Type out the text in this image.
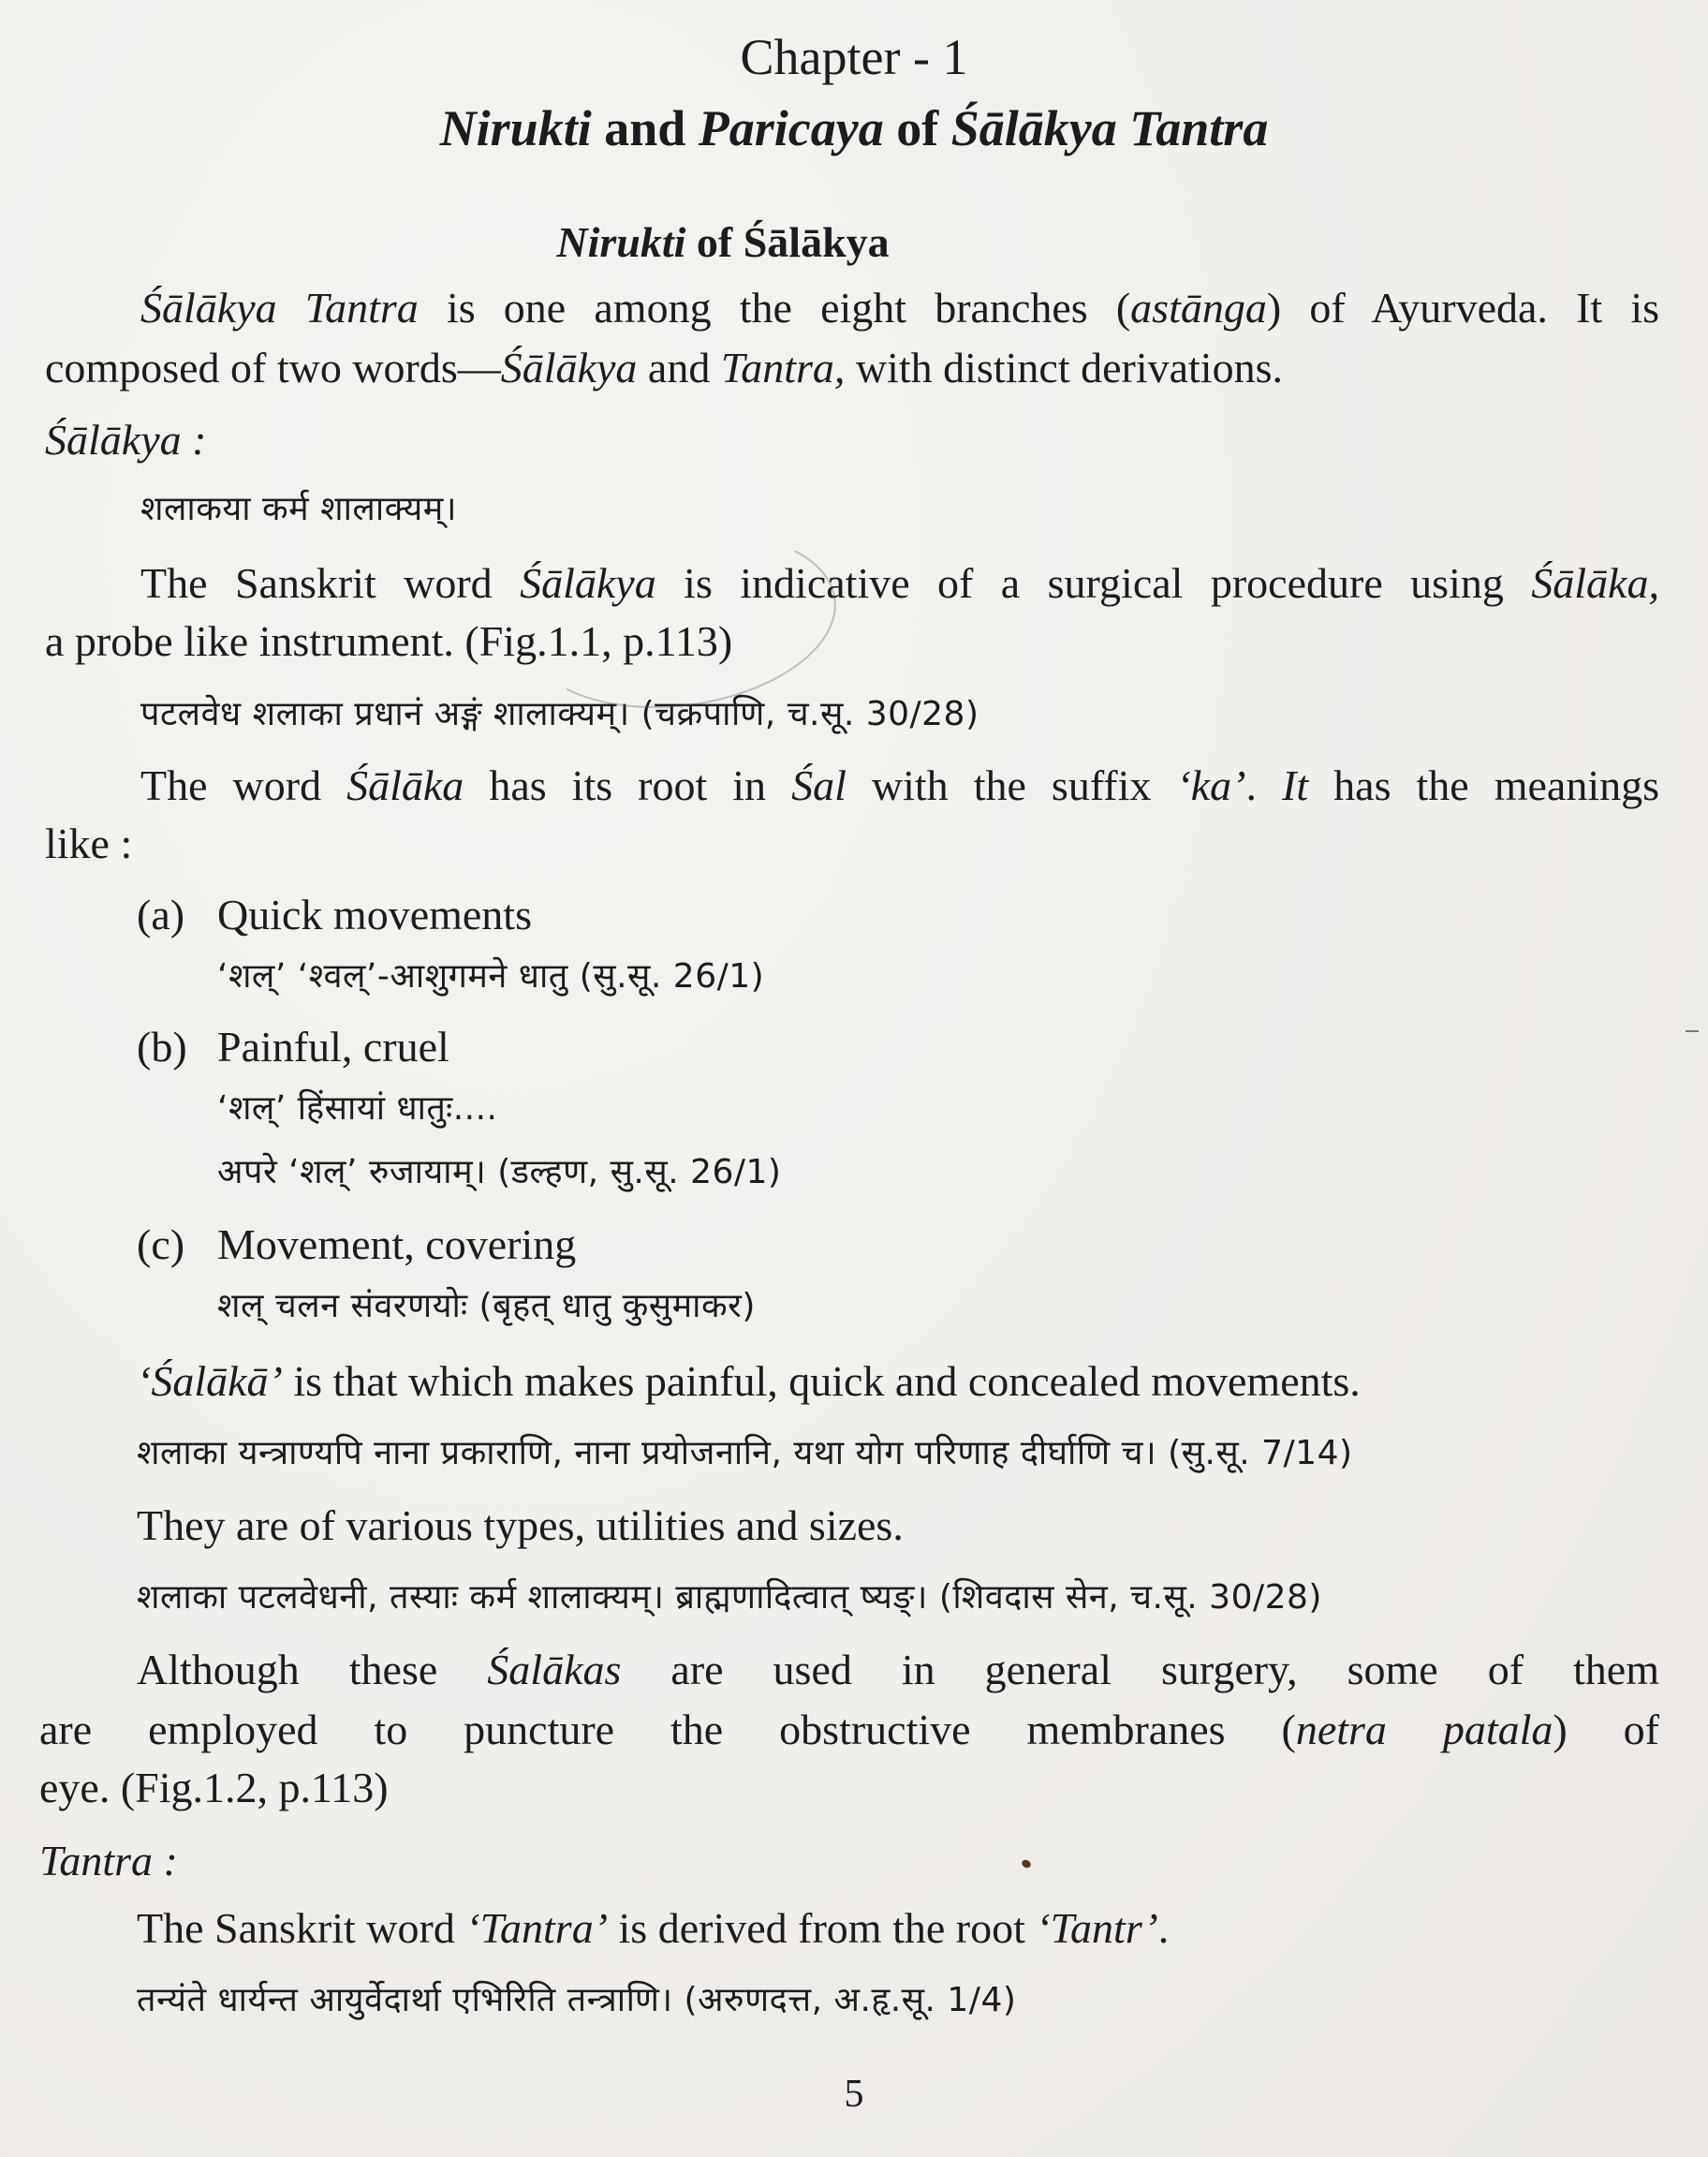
Chapter - 1
Nirukti and Paricaya of Śālākya Tantra
Nirukti of Śālākya
Śālākya Tantra is one among the eight branches (astānga) of Ayurveda. It is
composed of two words—Śālākya and Tantra, with distinct derivations.
Śālākya :
शलाकया कर्म शालाक्यम्।
The Sanskrit word Śālākya is indicative of a surgical procedure using Śālāka,
a probe like instrument. (Fig.1.1, p.113)
पटलवेध शलाका प्रधानं अङ्गं शालाक्यम्। (चक्रपाणि, च.सू. 30/28)
The word Śālāka has its root in Śal with the suffix ‘ka’. It has the meanings
like :
(a) Quick movements
‘शल्’ ‘श्वल्’-आशुगमने धातु (सु.सू. 26/1)
(b) Painful, cruel
‘शल्’ हिंसायां धातुः....
अपरे ‘शल्’ रुजायाम्। (डल्हण, सु.सू. 26/1)
(c) Movement, covering
शल् चलन संवरणयोः (बृहत् धातु कुसुमाकर)
‘Śalākā’ is that which makes painful, quick and concealed movements.
शलाका यन्त्राण्यपि नाना प्रकाराणि, नाना प्रयोजनानि, यथा योग परिणाह दीर्घाणि च। (सु.सू. 7/14)
They are of various types, utilities and sizes.
शलाका पटलवेधनी, तस्याः कर्म शालाक्यम्। ब्राह्मणादित्वात् ष्यङ्। (शिवदास सेन, च.सू. 30/28)
Although these Śalākas are used in general surgery, some of them
are employed to puncture the obstructive membranes (netra patala) of
eye. (Fig.1.2, p.113)
Tantra :
The Sanskrit word ‘Tantra’ is derived from the root ‘Tantr’.
तन्यंते धार्यन्त आयुर्वेदार्था एभिरिति तन्त्राणि। (अरुणदत्त, अ.हृ.सू. 1/4)
5
